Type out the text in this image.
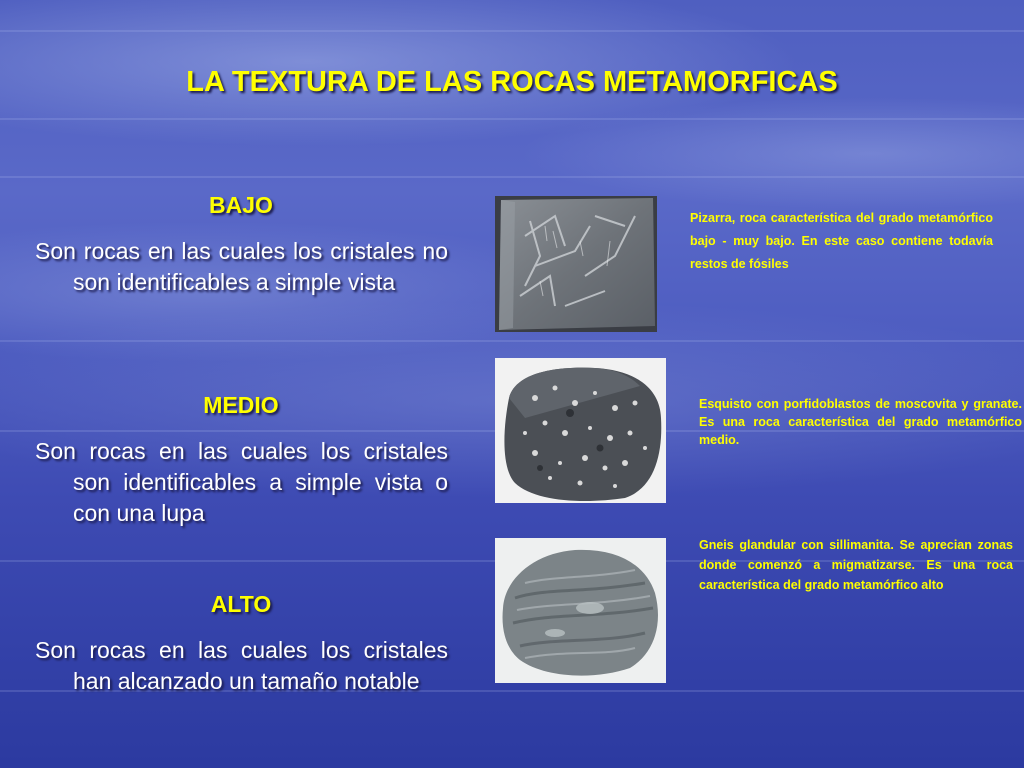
LA TEXTURA DE LAS ROCAS METAMORFICAS
BAJO

Son rocas en las cuales los cristales no son identificables a simple vista

MEDIO

Son rocas en las cuales los cristales son identificables a simple vista o con una lupa

ALTO

Son rocas en las cuales los cristales han alcanzado un tamaño notable

Pizarra, roca característica del grado metamórfico bajo - muy bajo. En este caso contiene todavía restos de fósiles

Esquisto con porfidoblastos de moscovita y granate. Es una roca característica del grado metamórfico medio.

Gneis glandular con sillimanita. Se aprecian zonas donde comenzó a migmatizarse. Es una roca característica del grado metamórfico alto
